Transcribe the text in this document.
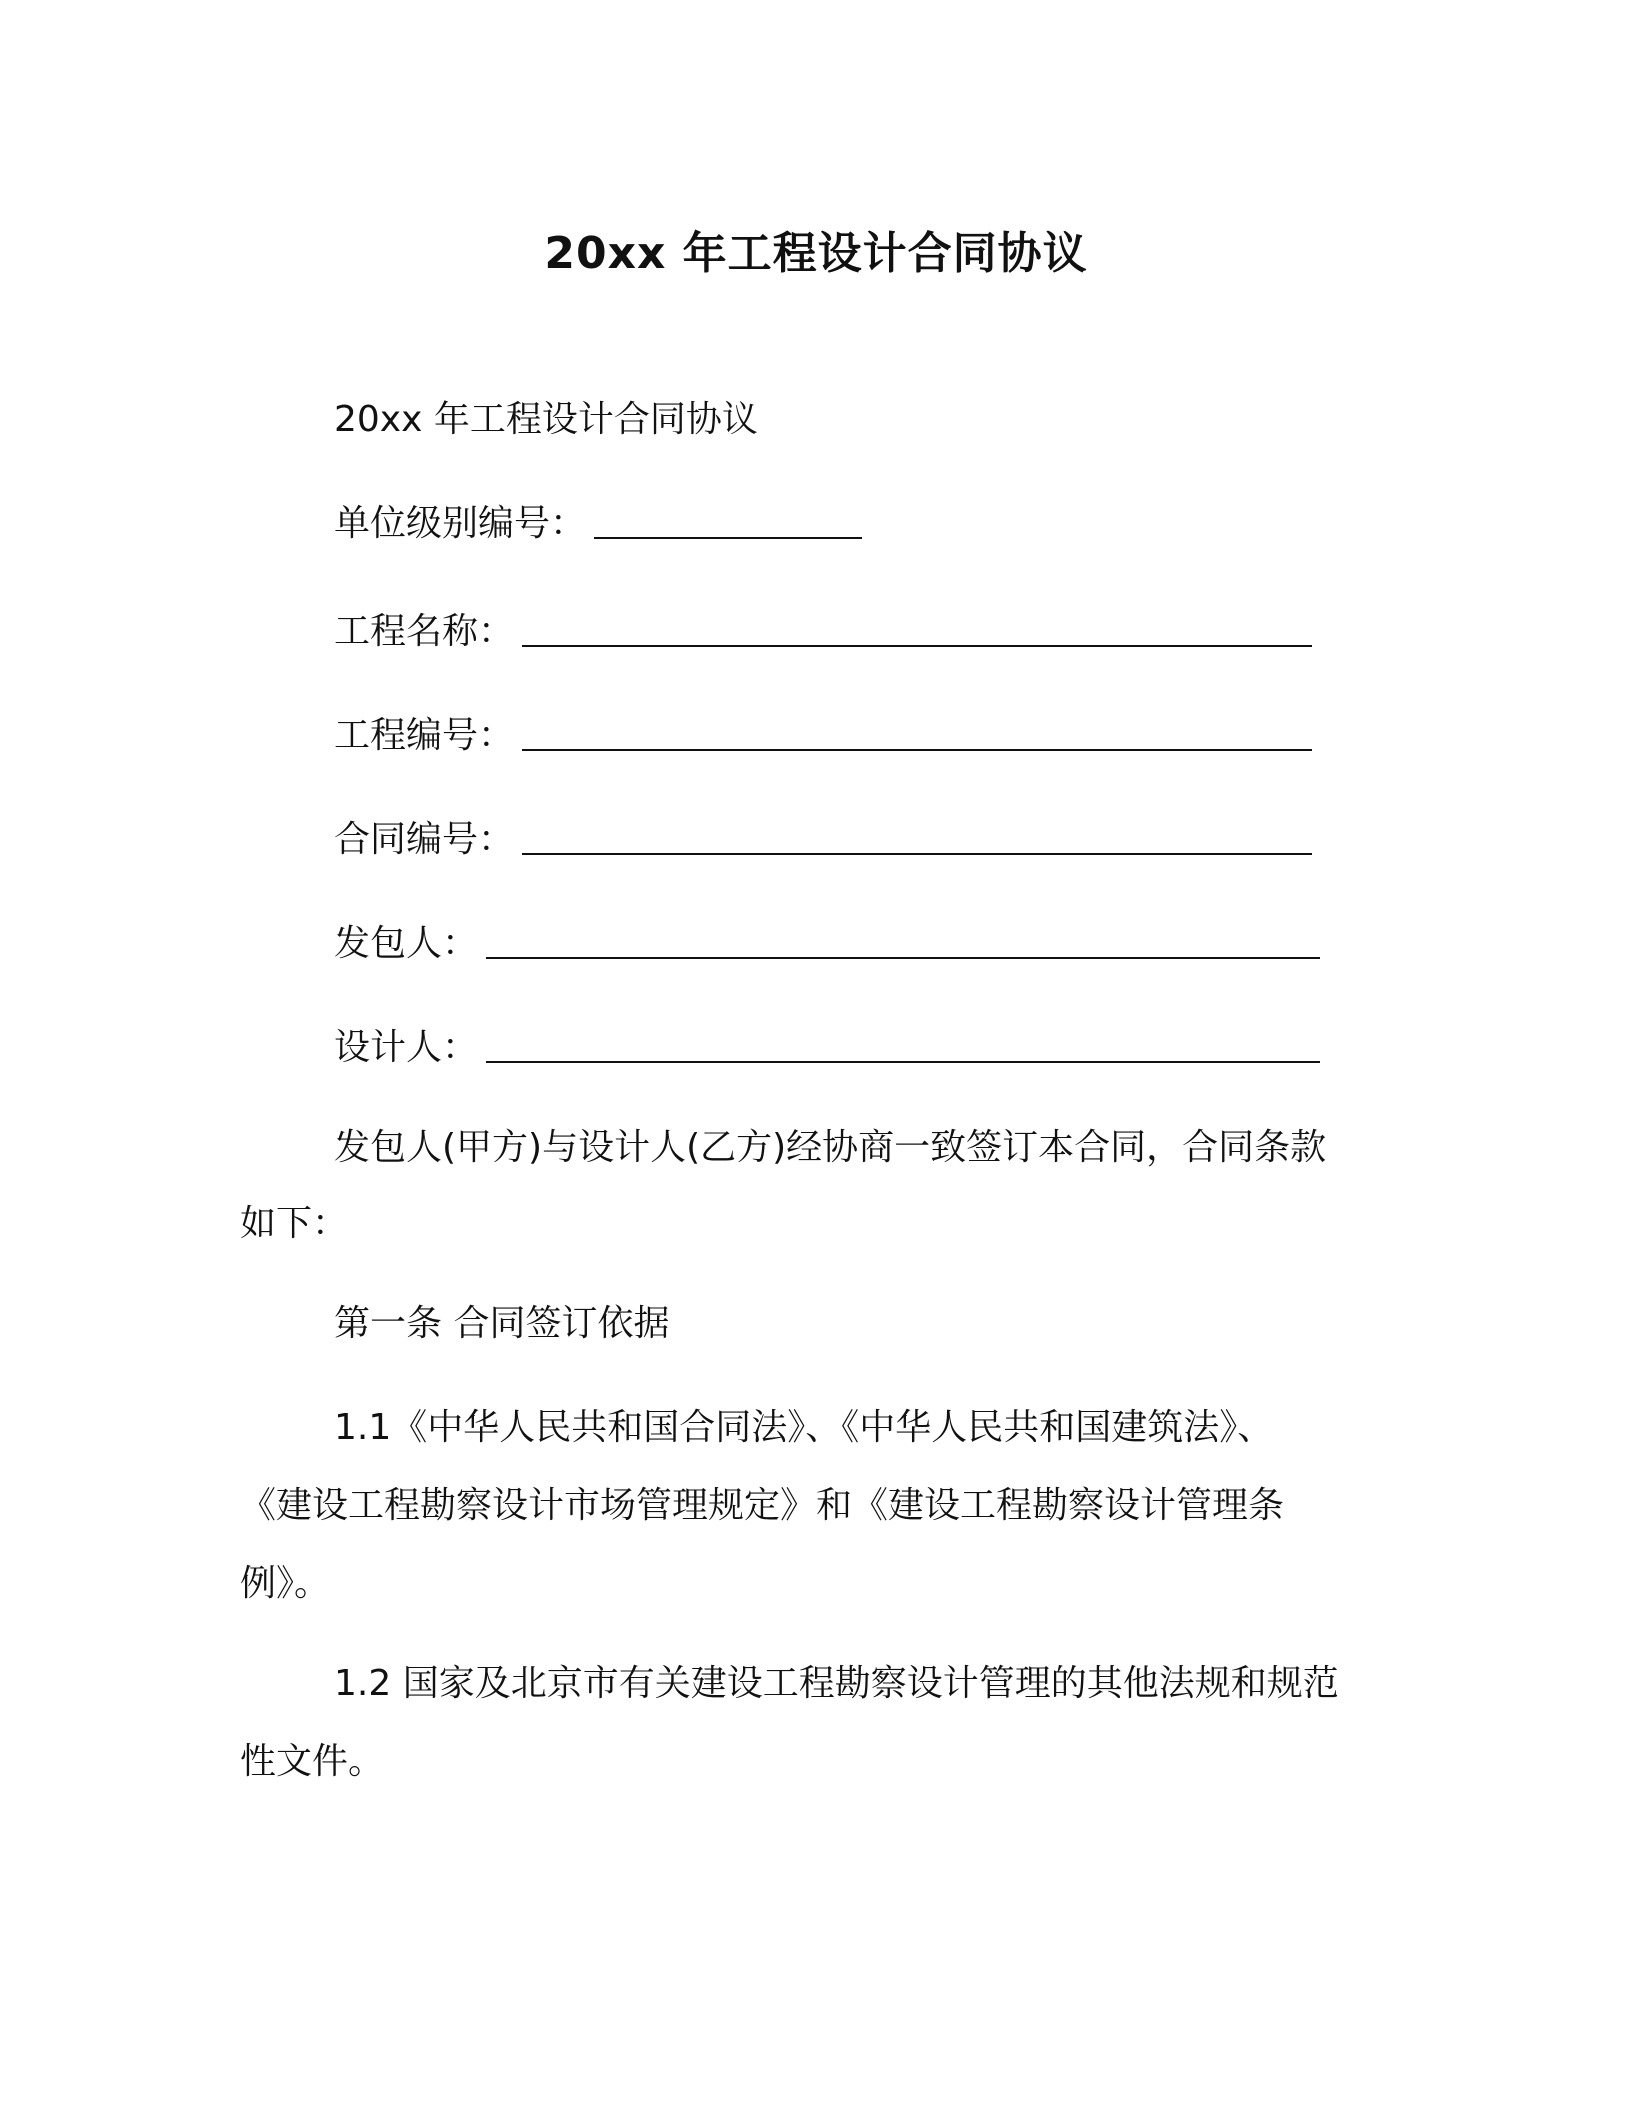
20xx 年工程设计合同协议
20xx 年工程设计合同协议
单位级别编号：
工程名称：
工程编号：
合同编号：
发包人：
设计人：
发包人(甲方)与设计人(乙方)经协商一致签订本合同，合同条款
如下：
第一条 合同签订依据
1.1《中华人民共和国合同法》、《中华人民共和国建筑法》、
《建设工程勘察设计市场管理规定》和《建设工程勘察设计管理条
例》。
1.2 国家及北京市有关建设工程勘察设计管理的其他法规和规范
性文件。
